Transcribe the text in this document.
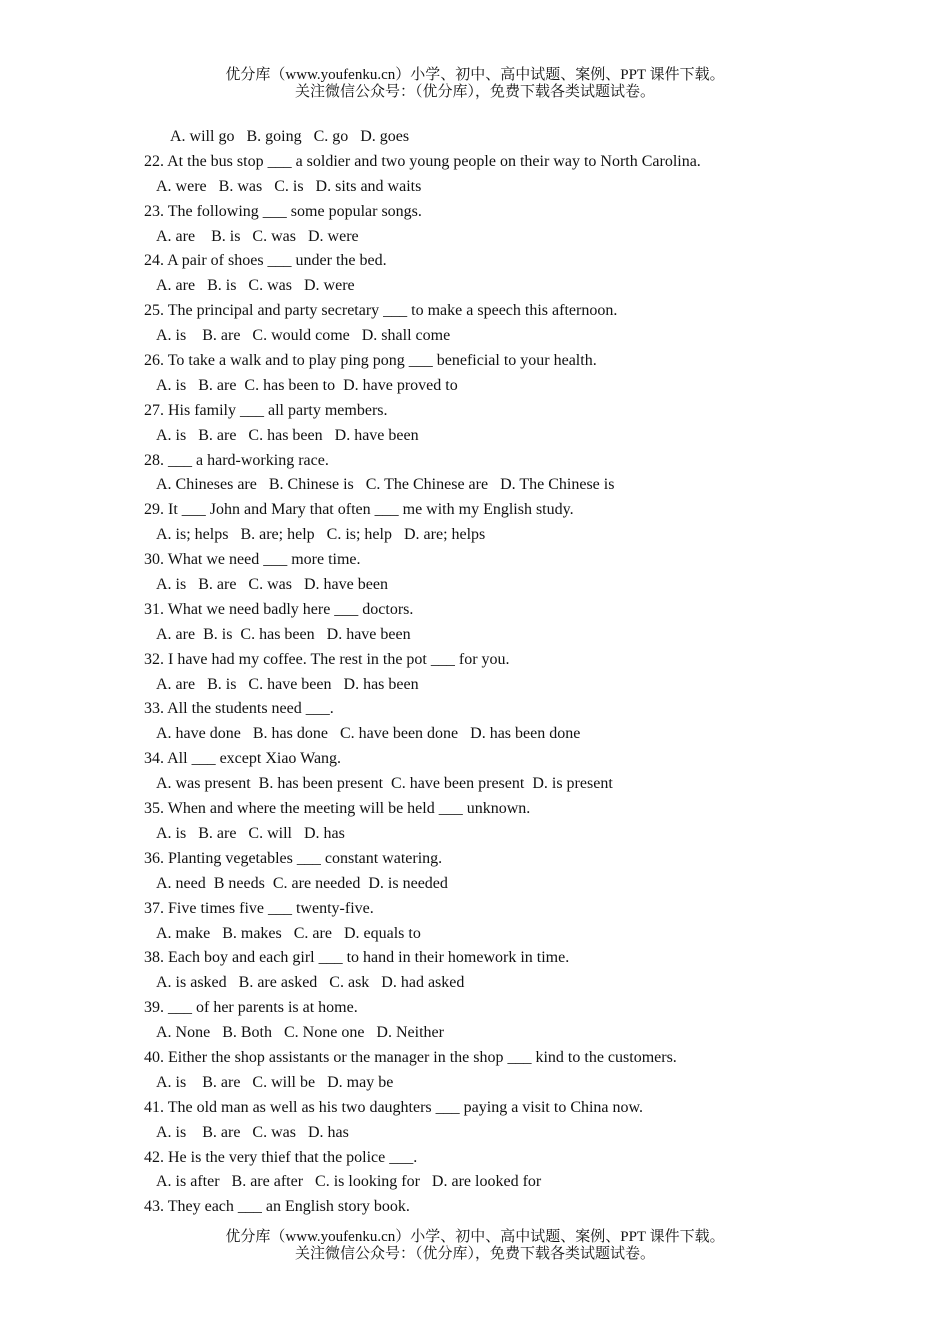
优分库（www.youfenku.cn）小学、初中、高中试题、案例、PPT 课件下载。
关注微信公众号：（优分库），免费下载各类试题试卷。
A. will go   B. going   C. go   D. goes
22. At the bus stop ___ a soldier and two young people on their way to North Carolina.
A. were   B. was   C. is   D. sits and waits
23. The following ___ some popular songs.
A. are    B. is   C. was   D. were
24. A pair of shoes ___ under the bed.
A. are   B. is   C. was   D. were
25. The principal and party secretary ___ to make a speech this afternoon.
A. is    B. are   C. would come   D. shall come
26. To take a walk and to play ping pong ___ beneficial to your health.
A. is   B. are  C. has been to  D. have proved to
27. His family ___ all party members.
A. is   B. are   C. has been   D. have been
28. ___ a hard-working race.
A. Chineses are   B. Chinese is   C. The Chinese are   D. The Chinese is
29. It ___ John and Mary that often ___ me with my English study.
A. is; helps   B. are; help   C. is; help   D. are; helps
30. What we need ___ more time.
A. is   B. are   C. was   D. have been
31. What we need badly here ___ doctors.
A. are  B. is  C. has been   D. have been
32. I have had my coffee. The rest in the pot ___ for you.
A. are   B. is   C. have been   D. has been
33. All the students need ___.
A. have done   B. has done   C. have been done   D. has been done
34. All ___ except Xiao Wang.
A. was present  B. has been present  C. have been present  D. is present
35. When and where the meeting will be held ___ unknown.
A. is   B. are   C. will   D. has
36. Planting vegetables ___ constant watering.
A. need  B needs  C. are needed  D. is needed
37. Five times five ___ twenty-five.
A. make   B. makes   C. are   D. equals to
38. Each boy and each girl ___ to hand in their homework in time.
A. is asked   B. are asked   C. ask   D. had asked
39. ___ of her parents is at home.
A. None   B. Both   C. None one   D. Neither
40. Either the shop assistants or the manager in the shop ___ kind to the customers.
A. is    B. are   C. will be   D. may be
41. The old man as well as his two daughters ___ paying a visit to China now.
A. is    B. are   C. was   D. has
42. He is the very thief that the police ___.
A. is after   B. are after   C. is looking for   D. are looked for
43. They each ___ an English story book.
优分库（www.youfenku.cn）小学、初中、高中试题、案例、PPT 课件下载。
关注微信公众号：（优分库），免费下载各类试题试卷。
